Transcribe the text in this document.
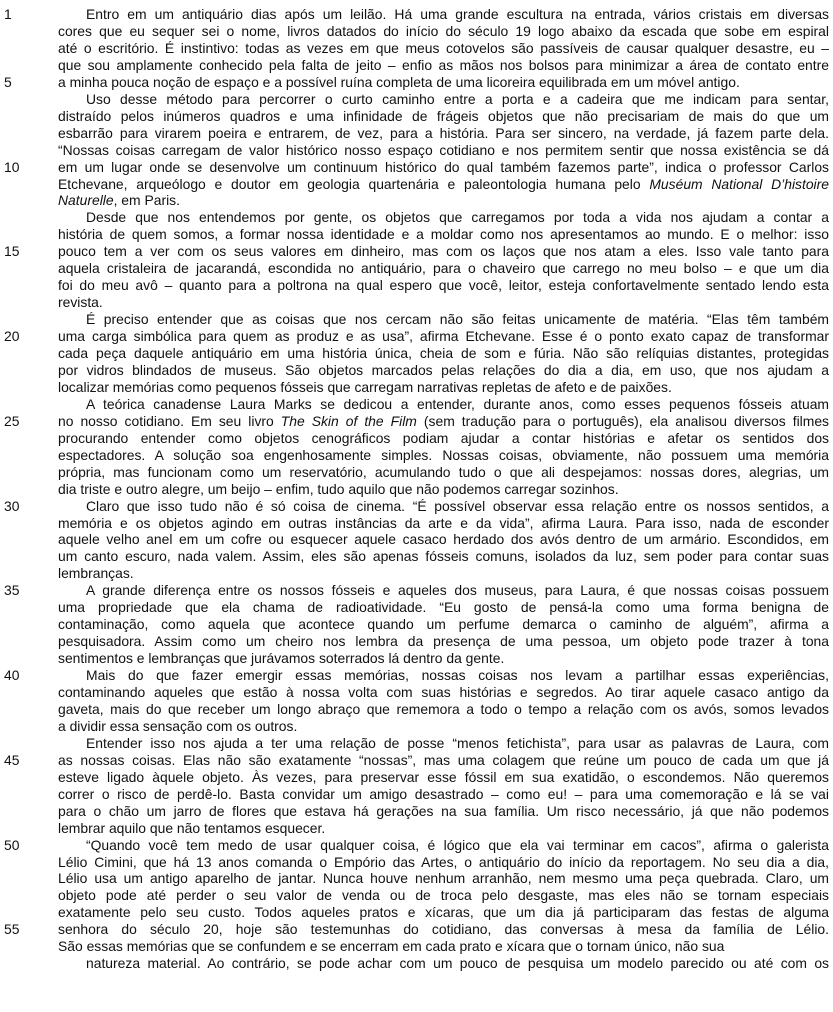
Entro em um antiquário dias após um leilão. Há uma grande escultura na entrada, vários cristais em diversas
cores que eu sequer sei o nome, livros datados do início do século 19 logo abaixo da escada que sobe em espiral
até o escritório. É instintivo: todas as vezes em que meus cotovelos são passíveis de causar qualquer desastre, eu –
que sou amplamente conhecido pela falta de jeito – enfio as mãos nos bolsos para minimizar a área de contato entre
a minha pouca noção de espaço e a possível ruína completa de uma licoreira equilibrada em um móvel antigo.
Uso desse método para percorrer o curto caminho entre a porta e a cadeira que me indicam para sentar,
distraído pelos inúmeros quadros e uma infinidade de frágeis objetos que não precisariam de mais do que um
esbarrão para virarem poeira e entrarem, de vez, para a história. Para ser sincero, na verdade, já fazem parte dela.
“Nossas coisas carregam de valor histórico nosso espaço cotidiano e nos permitem sentir que nossa existência se dá
em um lugar onde se desenvolve um continuum histórico do qual também fazemos parte”, indica o professor Carlos
Etchevane, arqueólogo e doutor em geologia quartenária e paleontologia humana pelo Muséum National D’histoire
Naturelle, em Paris.
Desde que nos entendemos por gente, os objetos que carregamos por toda a vida nos ajudam a contar a
história de quem somos, a formar nossa identidade e a moldar como nos apresentamos ao mundo. E o melhor: isso
pouco tem a ver com os seus valores em dinheiro, mas com os laços que nos atam a eles. Isso vale tanto para
aquela cristaleira de jacarandá, escondida no antiquário, para o chaveiro que carrego no meu bolso – e que um dia
foi do meu avô – quanto para a poltrona na qual espero que você, leitor, esteja confortavelmente sentado lendo esta
revista.
É preciso entender que as coisas que nos cercam não são feitas unicamente de matéria. “Elas têm também
uma carga simbólica para quem as produz e as usa”, afirma Etchevane. Esse é o ponto exato capaz de transformar
cada peça daquele antiquário em uma história única, cheia de som e fúria. Não são relíquias distantes, protegidas
por vidros blindados de museus. São objetos marcados pelas relações do dia a dia, em uso, que nos ajudam a
localizar memórias como pequenos fósseis que carregam narrativas repletas de afeto e de paixões.
A teórica canadense Laura Marks se dedicou a entender, durante anos, como esses pequenos fósseis atuam
no nosso cotidiano. Em seu livro The Skin of the Film (sem tradução para o português), ela analisou diversos filmes
procurando entender como objetos cenográficos podiam ajudar a contar histórias e afetar os sentidos dos
espectadores. A solução soa engenhosamente simples. Nossas coisas, obviamente, não possuem uma memória
própria, mas funcionam como um reservatório, acumulando tudo o que ali despejamos: nossas dores, alegrias, um
dia triste e outro alegre, um beijo – enfim, tudo aquilo que não podemos carregar sozinhos.
Claro que isso tudo não é só coisa de cinema. “É possível observar essa relação entre os nossos sentidos, a
memória e os objetos agindo em outras instâncias da arte e da vida”, afirma Laura. Para isso, nada de esconder
aquele velho anel em um cofre ou esquecer aquele casaco herdado dos avós dentro de um armário. Escondidos, em
um canto escuro, nada valem. Assim, eles são apenas fósseis comuns, isolados da luz, sem poder para contar suas
lembranças.
A grande diferença entre os nossos fósseis e aqueles dos museus, para Laura, é que nossas coisas possuem
uma propriedade que ela chama de radioatividade. “Eu gosto de pensá-la como uma forma benigna de
contaminação, como aquela que acontece quando um perfume demarca o caminho de alguém”, afirma a
pesquisadora. Assim como um cheiro nos lembra da presença de uma pessoa, um objeto pode trazer à tona
sentimentos e lembranças que jurávamos soterrados lá dentro da gente.
Mais do que fazer emergir essas memórias, nossas coisas nos levam a partilhar essas experiências,
contaminando aqueles que estão à nossa volta com suas histórias e segredos. Ao tirar aquele casaco antigo da
gaveta, mais do que receber um longo abraço que rememora a todo o tempo a relação com os avós, somos levados
a dividir essa sensação com os outros.
Entender isso nos ajuda a ter uma relação de posse “menos fetichista”, para usar as palavras de Laura, com
as nossas coisas. Elas não são exatamente “nossas”, mas uma colagem que reúne um pouco de cada um que já
esteve ligado àquele objeto. Às vezes, para preservar esse fóssil em sua exatidão, o escondemos. Não queremos
correr o risco de perdê-lo. Basta convidar um amigo desastrado – como eu! – para uma comemoração e lá se vai
para o chão um jarro de flores que estava há gerações na sua família. Um risco necessário, já que não podemos
lembrar aquilo que não tentamos esquecer.
“Quando você tem medo de usar qualquer coisa, é lógico que ela vai terminar em cacos”, afirma o galerista
Lélio Cimini, que há 13 anos comanda o Empório das Artes, o antiquário do início da reportagem. No seu dia a dia,
Lélio usa um antigo aparelho de jantar. Nunca houve nenhum arranhão, nem mesmo uma peça quebrada. Claro, um
objeto pode até perder o seu valor de venda ou de troca pelo desgaste, mas eles não se tornam especiais
exatamente pelo seu custo. Todos aqueles pratos e xícaras, que um dia já participaram das festas de alguma
senhora do século 20, hoje são testemunhas do cotidiano, das conversas à mesa da família de Lélio.
São essas memórias que se confundem e se encerram em cada prato e xícara que o tornam único, não sua
natureza material. Ao contrário, se pode achar com um pouco de pesquisa um modelo parecido ou até com os
1
5
10
15
20
25
30
35
40
45
50
55
